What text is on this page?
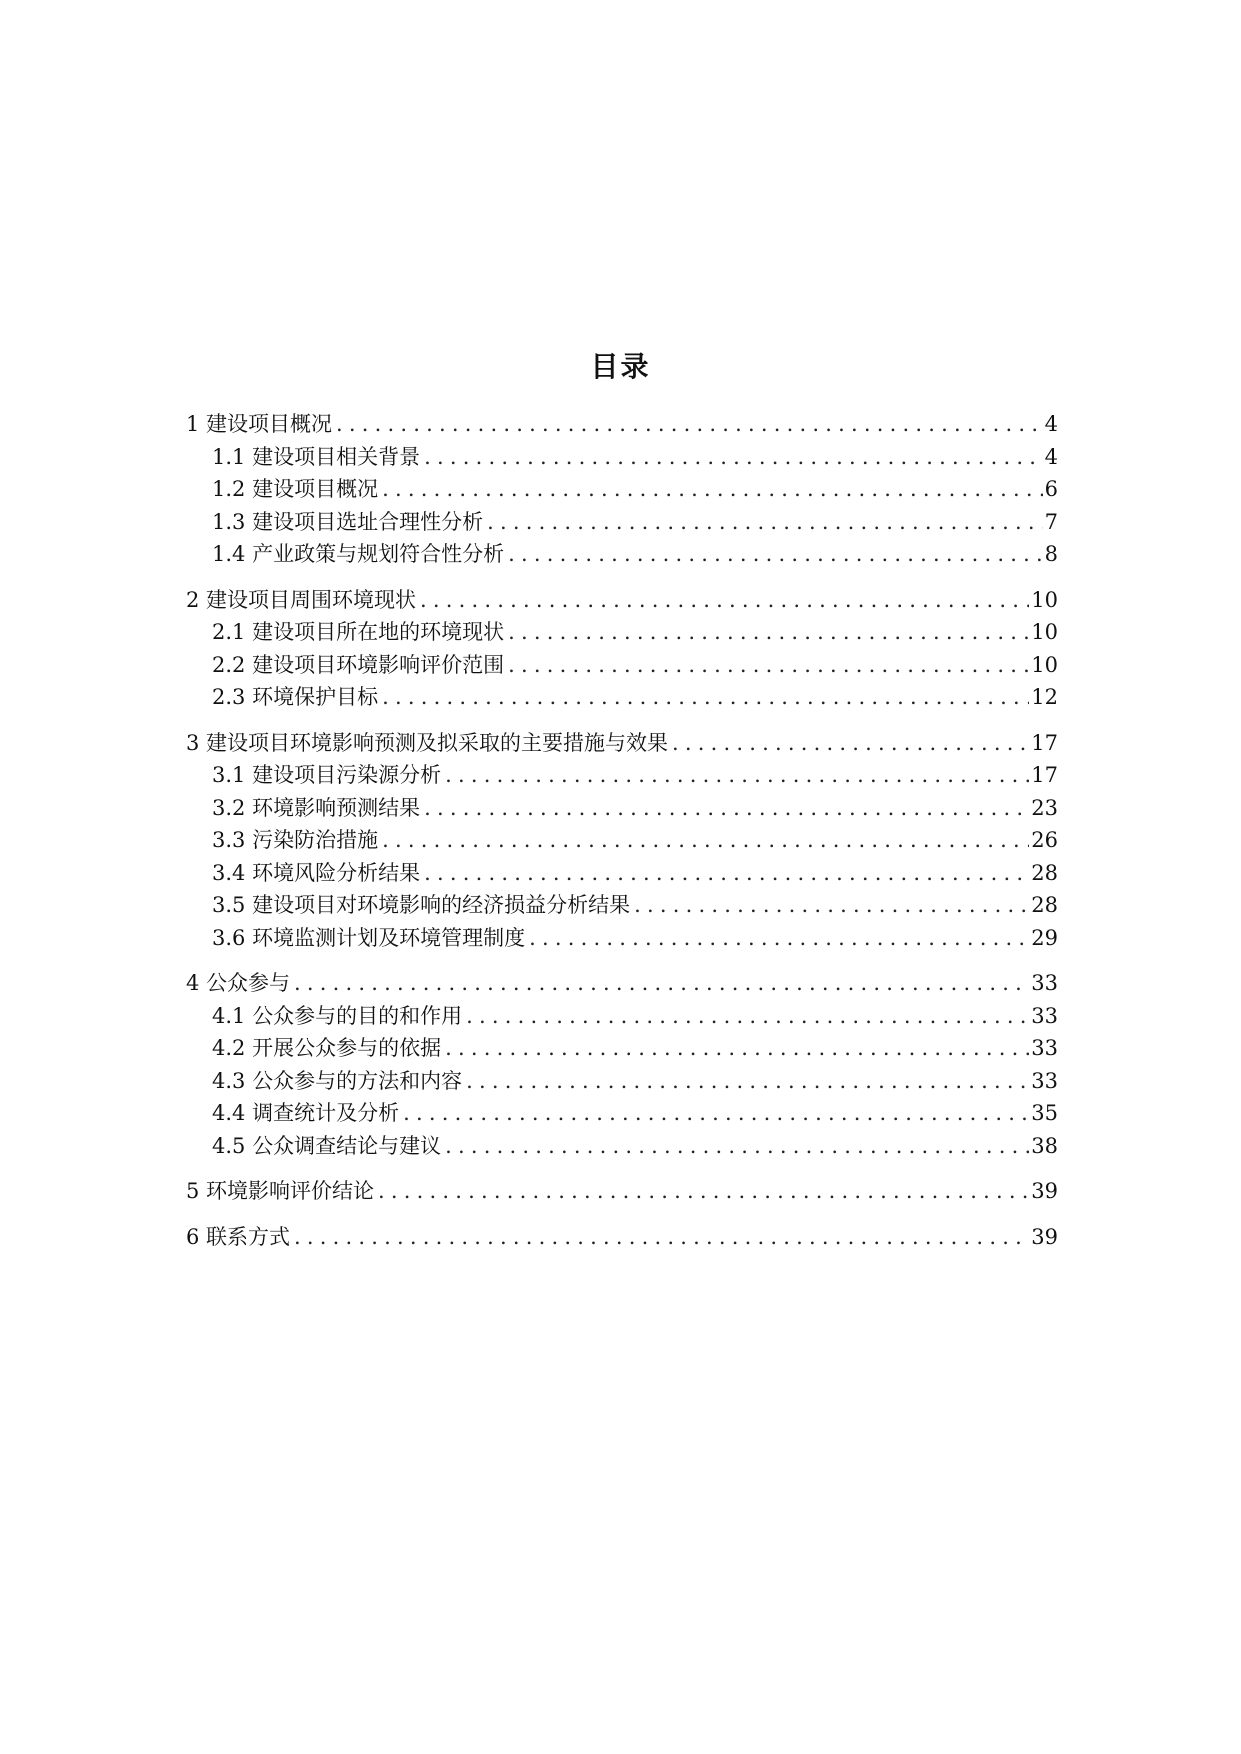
目录
1 建设项目概况 .....	4
1.1 建设项目相关背景 .....	4
1.2 建设项目概况 .....	6
1.3 建设项目选址合理性分析 .....	7
1.4 产业政策与规划符合性分析 .....	8
2 建设项目周围环境现状 .....	10
2.1 建设项目所在地的环境现状 .....	10
2.2 建设项目环境影响评价范围 .....	10
2.3 环境保护目标 .....	12
3 建设项目环境影响预测及拟采取的主要措施与效果 .....	17
3.1 建设项目污染源分析 .....	17
3.2 环境影响预测结果 .....	23
3.3 污染防治措施 .....	26
3.4 环境风险分析结果 .....	28
3.5 建设项目对环境影响的经济损益分析结果 .....	28
3.6 环境监测计划及环境管理制度 .....	29
4 公众参与 .....	33
4.1 公众参与的目的和作用 .....	33
4.2 开展公众参与的依据 .....	33
4.3 公众参与的方法和内容 .....	33
4.4 调查统计及分析 .....	35
4.5 公众调查结论与建议 .....	38
5 环境影响评价结论 .....	39
6 联系方式 .....	39
